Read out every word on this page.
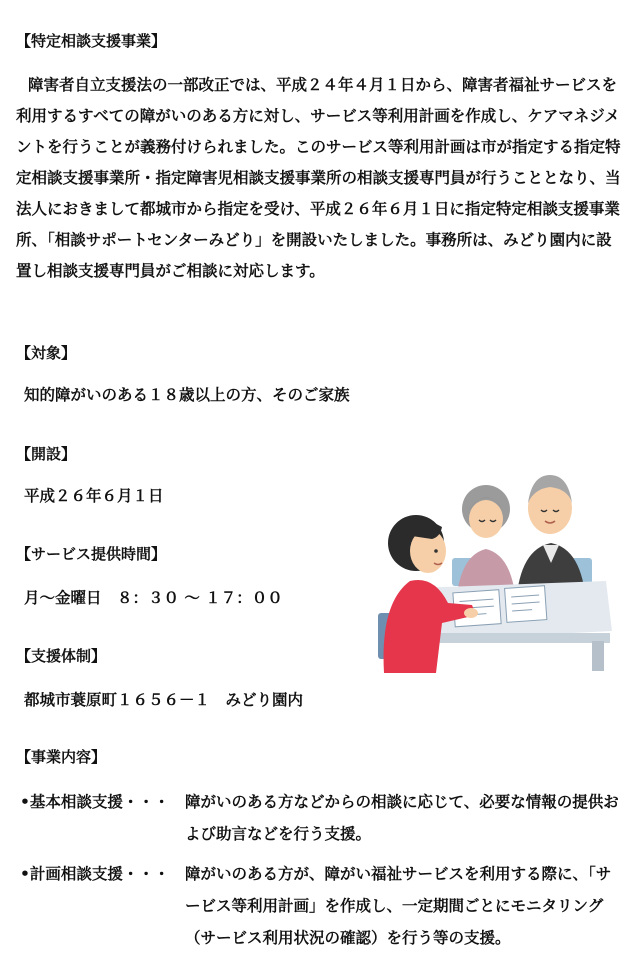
【特定相談支援事業】
障害者自立支援法の一部改正では、平成２４年４月１日から、障害者福祉サービスを利用するすべての障がいのある方に対し、サービス等利用計画を作成し、ケアマネジメントを行うことが義務付けられました。このサービス等利用計画は市が指定する指定特定相談支援事業所・指定障害児相談支援事業所の相談支援専門員が行うこととなり、当法人におきまして都城市から指定を受け、平成２６年６月１日に指定特定相談支援事業所、「相談サポートセンターみどり」を開設いたしました。事務所は、みどり園内に設置し相談支援専門員がご相談に対応します。
【対象】
知的障がいのある１８歳以上の方、そのご家族
【開設】
平成２６年６月１日
【サービス提供時間】
月～金曜日　８：３０ ～ １７：００
【支援体制】
都城市蓑原町１６５６－１　みどり園内
【事業内容】
•基本相談支援・・・ 障がいのある方などからの相談に応じて、必要な情報の提供および助言などを行う支援。
•計画相談支援・・・ 障がいのある方が、障がい福祉サービスを利用する際に、「サービス等利用計画」を作成し、一定期間ごとにモニタリング（サービス利用状況の確認）を行う等の支援。
